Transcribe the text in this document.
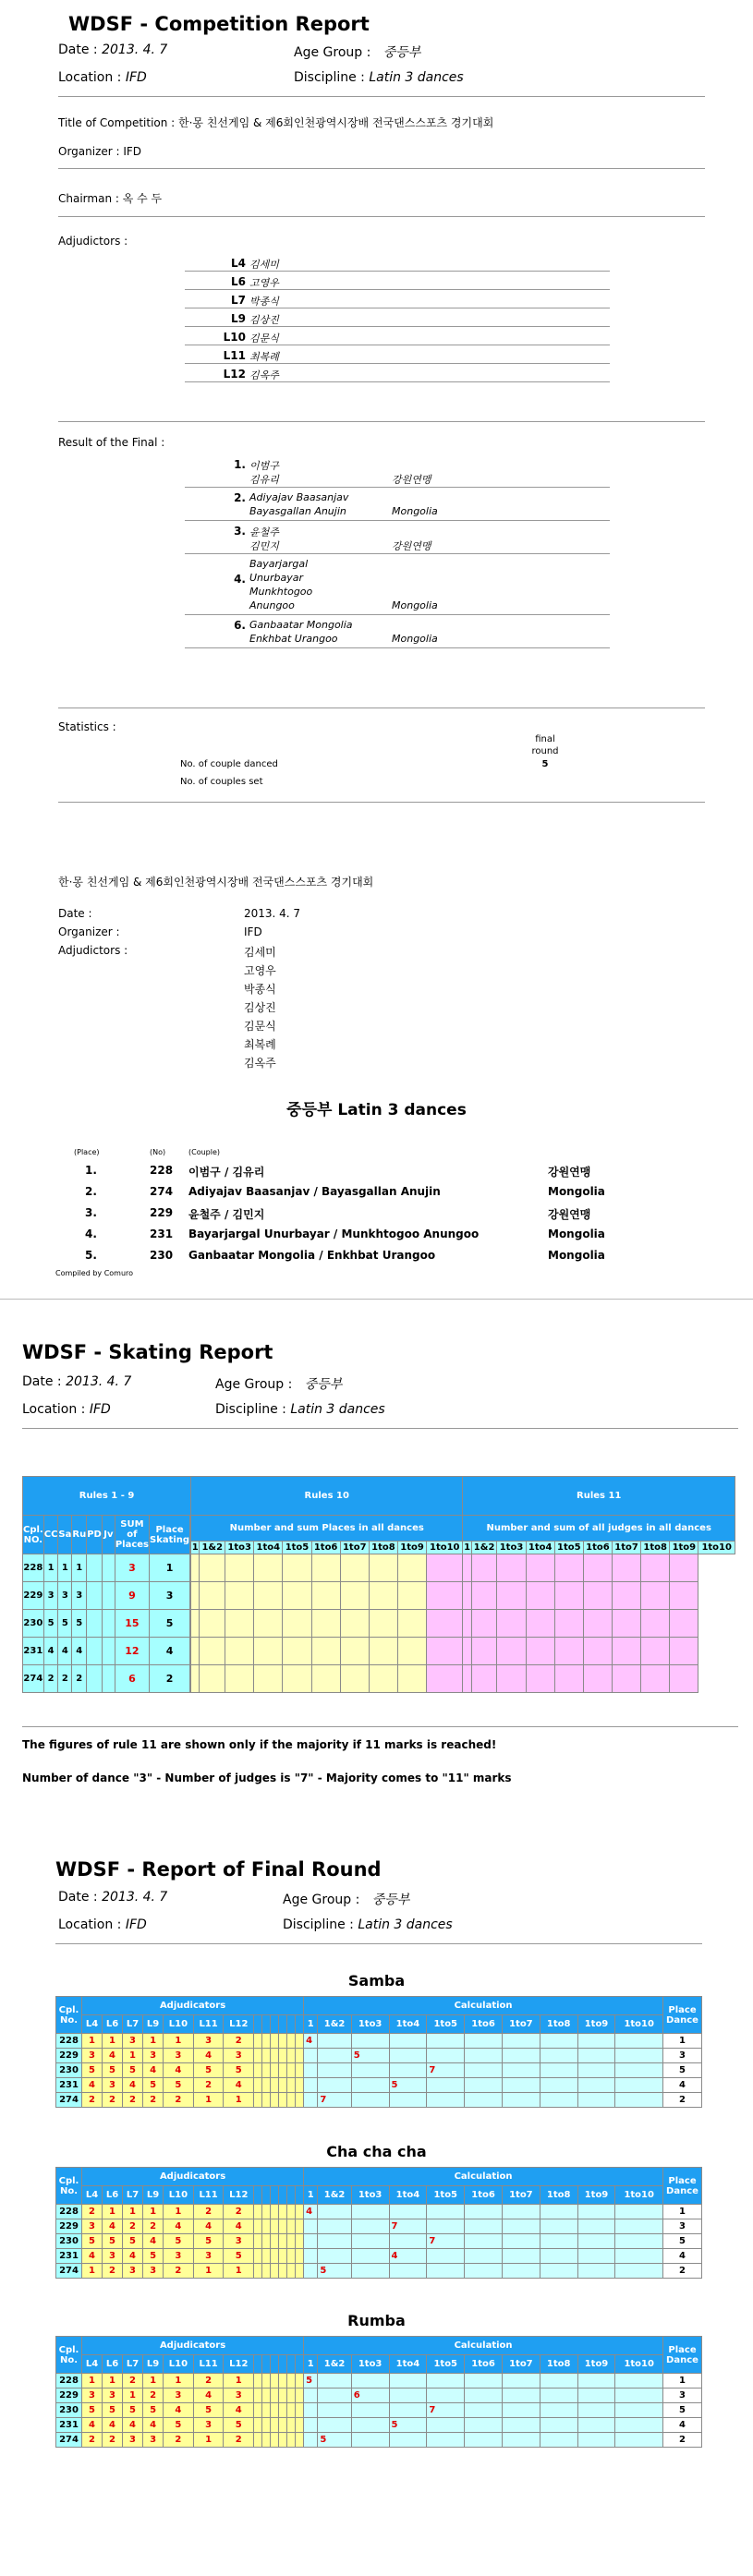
WDSF - Competition Report
Date : 2013. 4. 7	Age Group :   중등부
Location : IFD	Discipline : Latin 3 dances
Title of Competition : 한·몽 친선게임 & 제6회인천광역시장배 전국댄스스포츠 경기대회
Organizer : IFD
Chairman : 옥 수 두
Adjudictors :
L4 김세미
L6 고영우
L7 박종식
L9 김상진
L10 김문식
L11 최복례
L12 김옥주
Result of the Final :
1. 이범구
김유리	강원연맹
2. Adiyajav Baasanjav
Bayasgallan Anujin	Mongolia
3. 윤철주
김민지	강원연맹
4.
Bayarjargal
Unurbayar
Munkhtogoo
Anungoo	Mongolia
6. Ganbaatar Mongolia
Enkhbat Urangoo	Mongolia
Statistics :
final round
5
No. of couple danced
No. of couples set
한·몽 친선게임 & 제6회인천광역시장배 전국댄스스포츠 경기대회
Date :	2013. 4. 7
Organizer :	IFD
Adjudictors :	김세미
고영우
박종식
김상진
김문식
최복례
김옥주
중등부 Latin 3 dances
(Place)	(No)	(Couple)
1.	228 이범구 / 김유리	강원연맹
2.	274 Adiyajav Baasanjav / Bayasgallan Anujin	Mongolia
3.	229 윤철주 / 김민지	강원연맹
4.	231 Bayarjargal Unurbayar / Munkhtogoo Anungoo	Mongolia
5.	230 Ganbaatar Mongolia / Enkhbat Urangoo	Mongolia
Compiled by Comuro
WDSF - Skating Report
Date : 2013. 4. 7	Age Group :   중등부
Location : IFD	Discipline : Latin 3 dances
Rules 1 - 9								Rules 10										Rules 11									
Cpl. NO.	CC	Sa	Ru	PD	Jv	SUM of Places	Place Skating		Number and sum Places in all dances										Number and sum of all judges in all dances									
								1	1&2	1to3	1to4	1to5	1to6	1to7	1to8	1to9	1to10	1	1&2	1to3	1to4	1to5	1to6	1to7	1to8	1to9	1to10
228	1	1	1			3	1																				
229	3	3	3			9	3																				
230	5	5	5			15	5																				
231	4	4	4			12	4																				
274	2	2	2			6	2																				
The figures of rule 11 are shown only if the majority if 11 marks is reached!
Number of dance "3" - Number of judges is "7" - Majority comes to "11" marks
WDSF - Report of Final Round
Date : 2013. 4. 7	Age Group :   중등부
Location : IFD	Discipline : Latin 3 dances
Samba
Cpl. No.	Adjudicators													Calculation										Place Dance
	L4	L6	L7	L9	L10	L11	L12							1	1&2	1to3	1to4	1to5	1to6	1to7	1to8	1to9	1to10	
228	1	1	3	1	1	3	2							4										1
229	3	4	1	3	3	4	3									5								3
230	5	5	5	4	4	5	5											7						5
231	4	3	4	5	5	2	4										5							4
274	2	2	2	2	2	1	1								7									2
Cha cha cha
Cpl. No.	Adjudicators													Calculation										Place Dance
	L4	L6	L7	L9	L10	L11	L12							1	1&2	1to3	1to4	1to5	1to6	1to7	1to8	1to9	1to10	
228	2	1	1	1	1	2	2							4										1
229	3	4	2	2	4	4	4										7							3
230	5	5	5	4	5	5	3											7						5
231	4	3	4	5	3	3	5										4							4
274	1	2	3	3	2	1	1								5									2
Rumba
Cpl. No.	Adjudicators													Calculation										Place Dance
	L4	L6	L7	L9	L10	L11	L12							1	1&2	1to3	1to4	1to5	1to6	1to7	1to8	1to9	1to10	
228	1	1	2	1	1	2	1							5										1
229	3	3	1	2	3	4	3									6								3
230	5	5	5	5	4	5	4											7						5
231	4	4	4	4	5	3	5										5							4
274	2	2	3	3	2	1	2								5									2
